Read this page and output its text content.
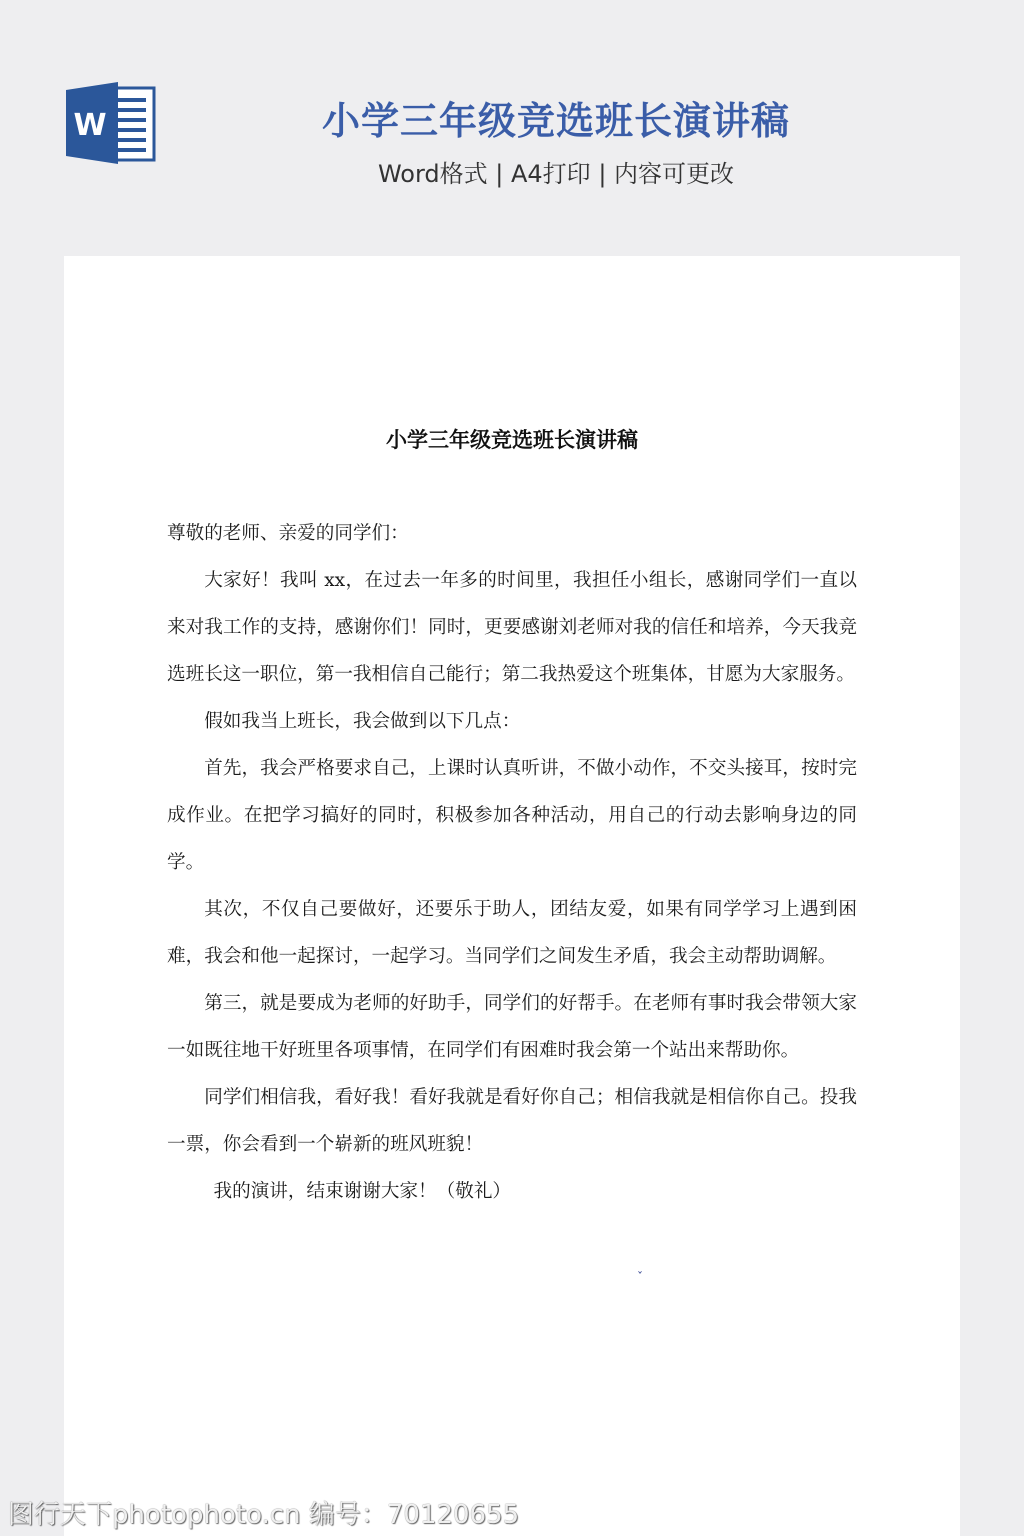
W	小学三年级竞选班长演讲稿
Word格式 | A4打印 | 内容可更改
小学三年级竞选班长演讲稿

尊敬的老师、亲爱的同学们：

大家好！我叫 xx，在过去一年多的时间里，我担任小组长，感谢同学们一直以来对我工作的支持，感谢你们！同时，更要感谢刘老师对我的信任和培养，今天我竞选班长这一职位，第一我相信自己能行；第二我热爱这个班集体，甘愿为大家服务。

假如我当上班长，我会做到以下几点：

首先，我会严格要求自己，上课时认真听讲，不做小动作，不交头接耳，按时完成作业。在把学习搞好的同时，积极参加各种活动，用自己的行动去影响身边的同学。

其次，不仅自己要做好，还要乐于助人，团结友爱，如果有同学学习上遇到困难，我会和他一起探讨，一起学习。当同学们之间发生矛盾，我会主动帮助调解。

第三，就是要成为老师的好助手，同学们的好帮手。在老师有事时我会带领大家一如既往地干好班里各项事情，在同学们有困难时我会第一个站出来帮助你。

同学们相信我，看好我！看好我就是看好你自己；相信我就是相信你自己。投我一票，你会看到一个崭新的班风班貌！

我的演讲，结束谢谢大家！（敬礼）

ˇ
图行天下photophoto.cn 编号：70120655
